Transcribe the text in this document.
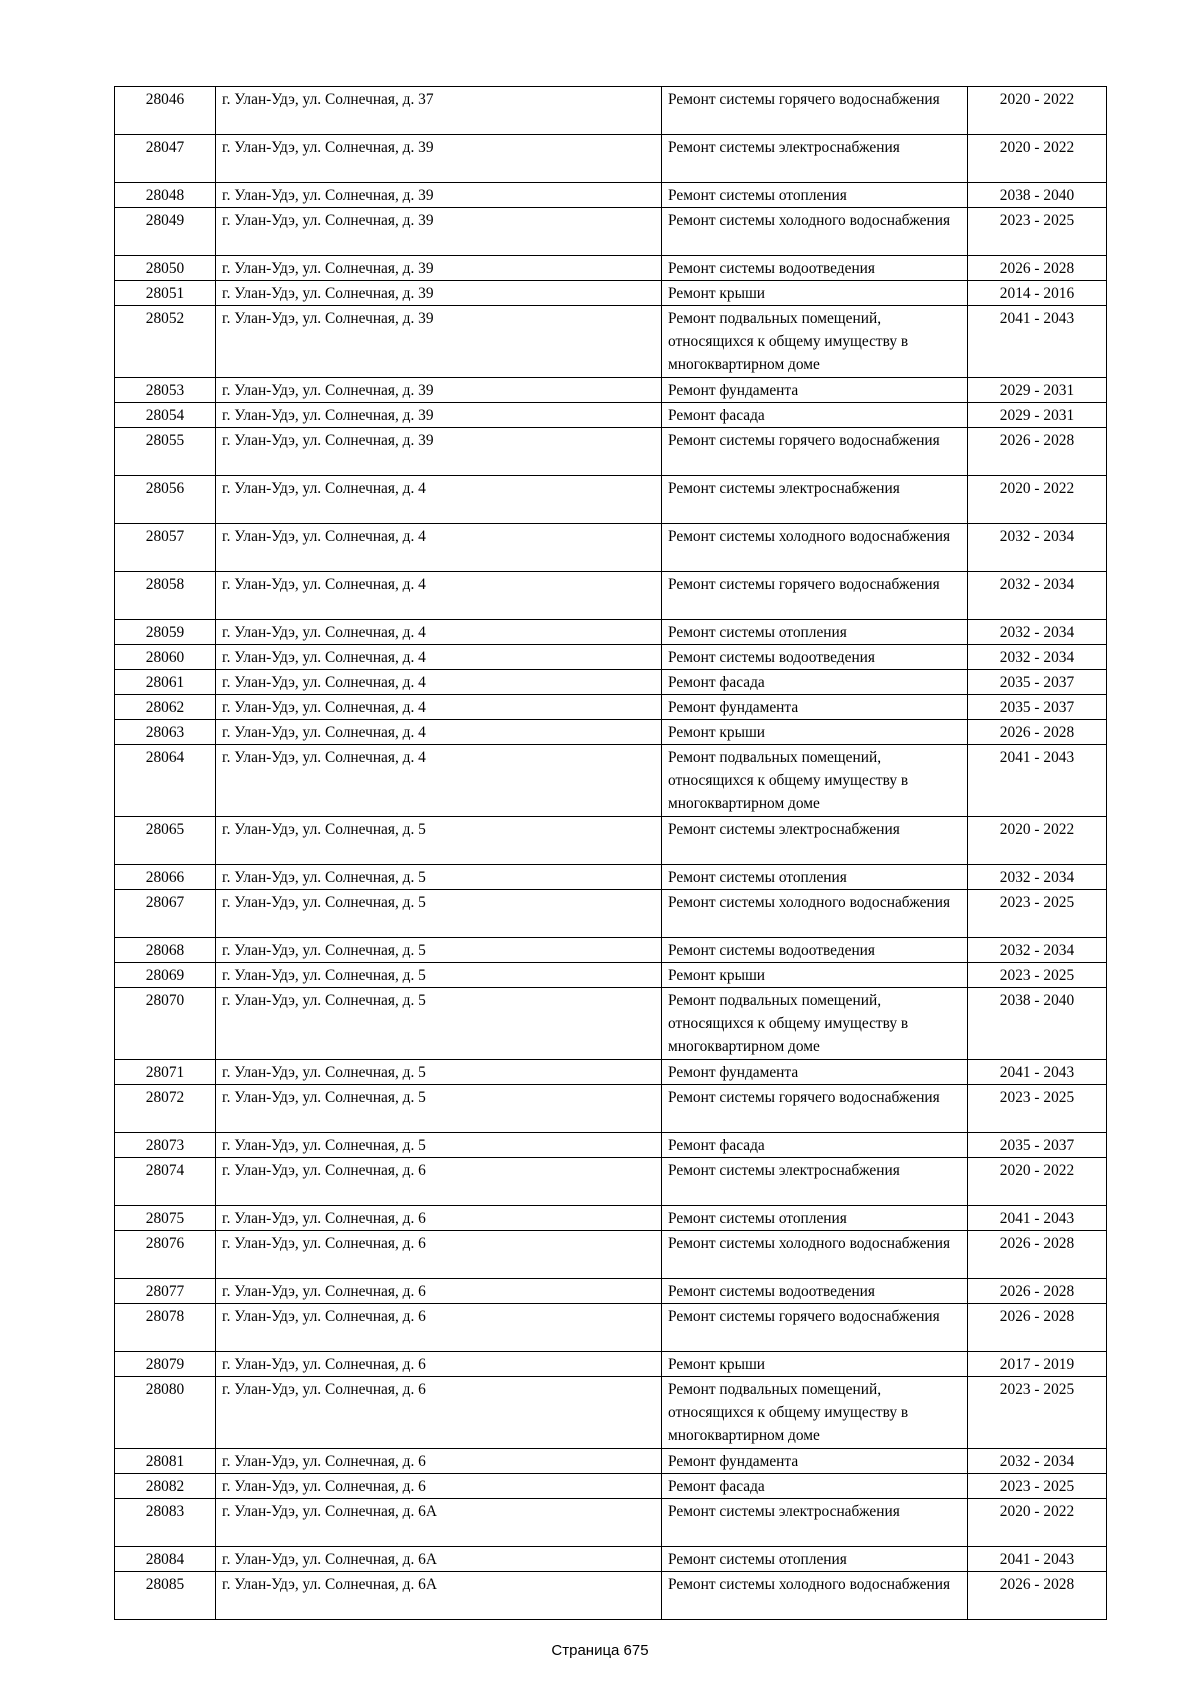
28046	г. Улан-Удэ, ул. Солнечная, д. 37	Ремонт системы горячего водоснабжения	2020 - 2022
28047	г. Улан-Удэ, ул. Солнечная, д. 39	Ремонт системы электроснабжения	2020 - 2022
28048	г. Улан-Удэ, ул. Солнечная, д. 39	Ремонт системы отопления	2038 - 2040
28049	г. Улан-Удэ, ул. Солнечная, д. 39	Ремонт системы холодного водоснабжения	2023 - 2025
28050	г. Улан-Удэ, ул. Солнечная, д. 39	Ремонт системы водоотведения	2026 - 2028
28051	г. Улан-Удэ, ул. Солнечная, д. 39	Ремонт крыши	2014 - 2016
28052	г. Улан-Удэ, ул. Солнечная, д. 39	Ремонт подвальных помещений, относящихся к общему имуществу в многоквартирном доме	2041 - 2043
28053	г. Улан-Удэ, ул. Солнечная, д. 39	Ремонт фундамента	2029 - 2031
28054	г. Улан-Удэ, ул. Солнечная, д. 39	Ремонт фасада	2029 - 2031
28055	г. Улан-Удэ, ул. Солнечная, д. 39	Ремонт системы горячего водоснабжения	2026 - 2028
28056	г. Улан-Удэ, ул. Солнечная, д. 4	Ремонт системы электроснабжения	2020 - 2022
28057	г. Улан-Удэ, ул. Солнечная, д. 4	Ремонт системы холодного водоснабжения	2032 - 2034
28058	г. Улан-Удэ, ул. Солнечная, д. 4	Ремонт системы горячего водоснабжения	2032 - 2034
28059	г. Улан-Удэ, ул. Солнечная, д. 4	Ремонт системы отопления	2032 - 2034
28060	г. Улан-Удэ, ул. Солнечная, д. 4	Ремонт системы водоотведения	2032 - 2034
28061	г. Улан-Удэ, ул. Солнечная, д. 4	Ремонт фасада	2035 - 2037
28062	г. Улан-Удэ, ул. Солнечная, д. 4	Ремонт фундамента	2035 - 2037
28063	г. Улан-Удэ, ул. Солнечная, д. 4	Ремонт крыши	2026 - 2028
28064	г. Улан-Удэ, ул. Солнечная, д. 4	Ремонт подвальных помещений, относящихся к общему имуществу в многоквартирном доме	2041 - 2043
28065	г. Улан-Удэ, ул. Солнечная, д. 5	Ремонт системы электроснабжения	2020 - 2022
28066	г. Улан-Удэ, ул. Солнечная, д. 5	Ремонт системы отопления	2032 - 2034
28067	г. Улан-Удэ, ул. Солнечная, д. 5	Ремонт системы холодного водоснабжения	2023 - 2025
28068	г. Улан-Удэ, ул. Солнечная, д. 5	Ремонт системы водоотведения	2032 - 2034
28069	г. Улан-Удэ, ул. Солнечная, д. 5	Ремонт крыши	2023 - 2025
28070	г. Улан-Удэ, ул. Солнечная, д. 5	Ремонт подвальных помещений, относящихся к общему имуществу в многоквартирном доме	2038 - 2040
28071	г. Улан-Удэ, ул. Солнечная, д. 5	Ремонт фундамента	2041 - 2043
28072	г. Улан-Удэ, ул. Солнечная, д. 5	Ремонт системы горячего водоснабжения	2023 - 2025
28073	г. Улан-Удэ, ул. Солнечная, д. 5	Ремонт фасада	2035 - 2037
28074	г. Улан-Удэ, ул. Солнечная, д. 6	Ремонт системы электроснабжения	2020 - 2022
28075	г. Улан-Удэ, ул. Солнечная, д. 6	Ремонт системы отопления	2041 - 2043
28076	г. Улан-Удэ, ул. Солнечная, д. 6	Ремонт системы холодного водоснабжения	2026 - 2028
28077	г. Улан-Удэ, ул. Солнечная, д. 6	Ремонт системы водоотведения	2026 - 2028
28078	г. Улан-Удэ, ул. Солнечная, д. 6	Ремонт системы горячего водоснабжения	2026 - 2028
28079	г. Улан-Удэ, ул. Солнечная, д. 6	Ремонт крыши	2017 - 2019
28080	г. Улан-Удэ, ул. Солнечная, д. 6	Ремонт подвальных помещений, относящихся к общему имуществу в многоквартирном доме	2023 - 2025
28081	г. Улан-Удэ, ул. Солнечная, д. 6	Ремонт фундамента	2032 - 2034
28082	г. Улан-Удэ, ул. Солнечная, д. 6	Ремонт фасада	2023 - 2025
28083	г. Улан-Удэ, ул. Солнечная, д. 6А	Ремонт системы электроснабжения	2020 - 2022
28084	г. Улан-Удэ, ул. Солнечная, д. 6А	Ремонт системы отопления	2041 - 2043
28085	г. Улан-Удэ, ул. Солнечная, д. 6А	Ремонт системы холодного водоснабжения	2026 - 2028
Страница 675
